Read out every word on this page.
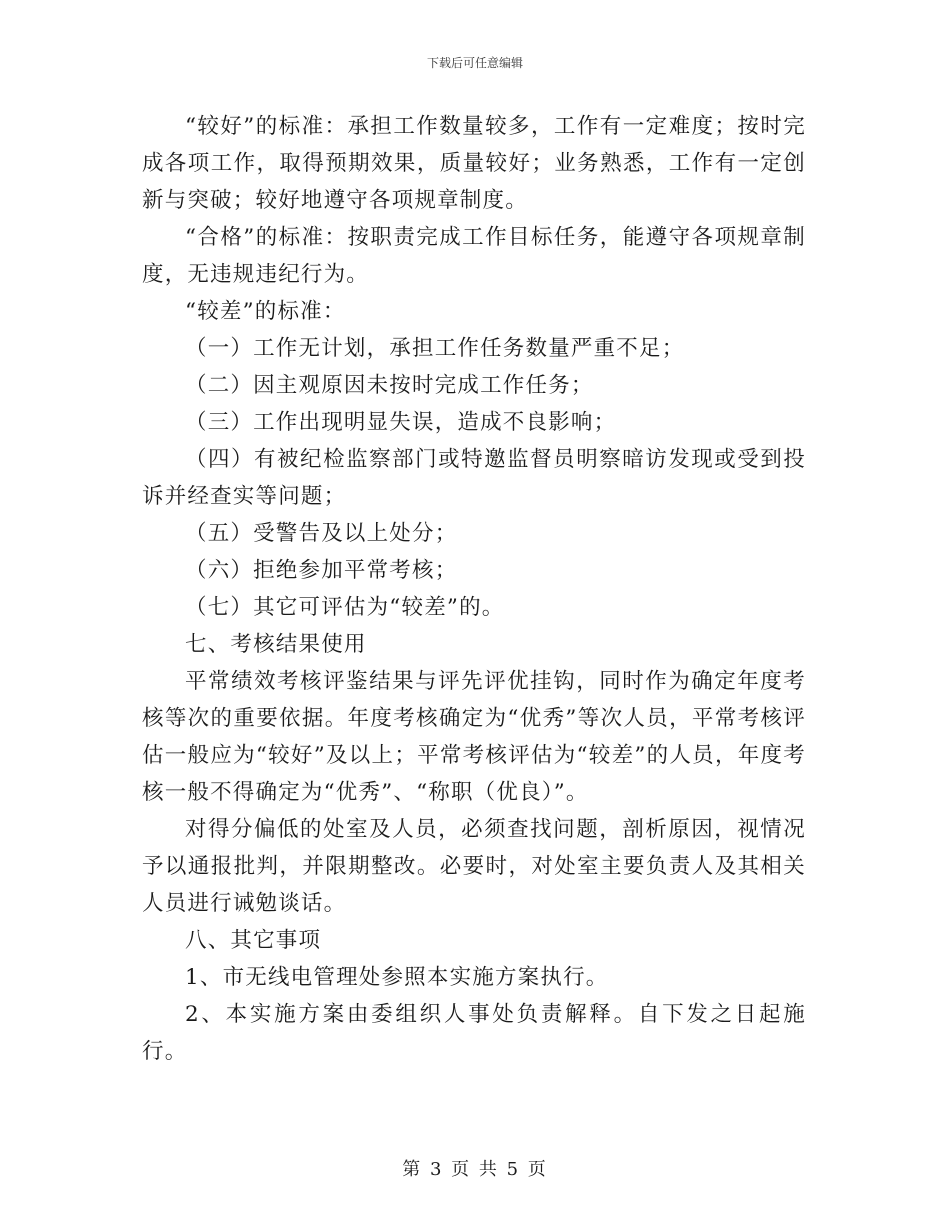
下载后可任意编辑

“较好”的标准：承担工作数量较多，工作有一定难度；按时完成各项工作，取得预期效果，质量较好；业务熟悉，工作有一定创新与突破；较好地遵守各项规章制度。

“合格”的标准：按职责完成工作目标任务，能遵守各项规章制度，无违规违纪行为。

“较差”的标准：

（一）工作无计划，承担工作任务数量严重不足；

（二）因主观原因未按时完成工作任务；

（三）工作出现明显失误，造成不良影响；

（四）有被纪检监察部门或特邀监督员明察暗访发现或受到投诉并经查实等问题；

（五）受警告及以上处分；

（六）拒绝参加平常考核；

（七）其它可评估为“较差”的。

七、考核结果使用

平常绩效考核评鉴结果与评先评优挂钩，同时作为确定年度考核等次的重要依据。年度考核确定为“优秀”等次人员，平常考核评估一般应为“较好”及以上；平常考核评估为“较差”的人员，年度考核一般不得确定为“优秀”、“称职（优良）”。

对得分偏低的处室及人员，必须查找问题，剖析原因，视情况予以通报批判，并限期整改。必要时，对处室主要负责人及其相关人员进行诫勉谈话。

八、其它事项

1、市无线电管理处参照本实施方案执行。

2、本实施方案由委组织人事处负责解释。自下发之日起施行。

第 3 页 共 5 页
